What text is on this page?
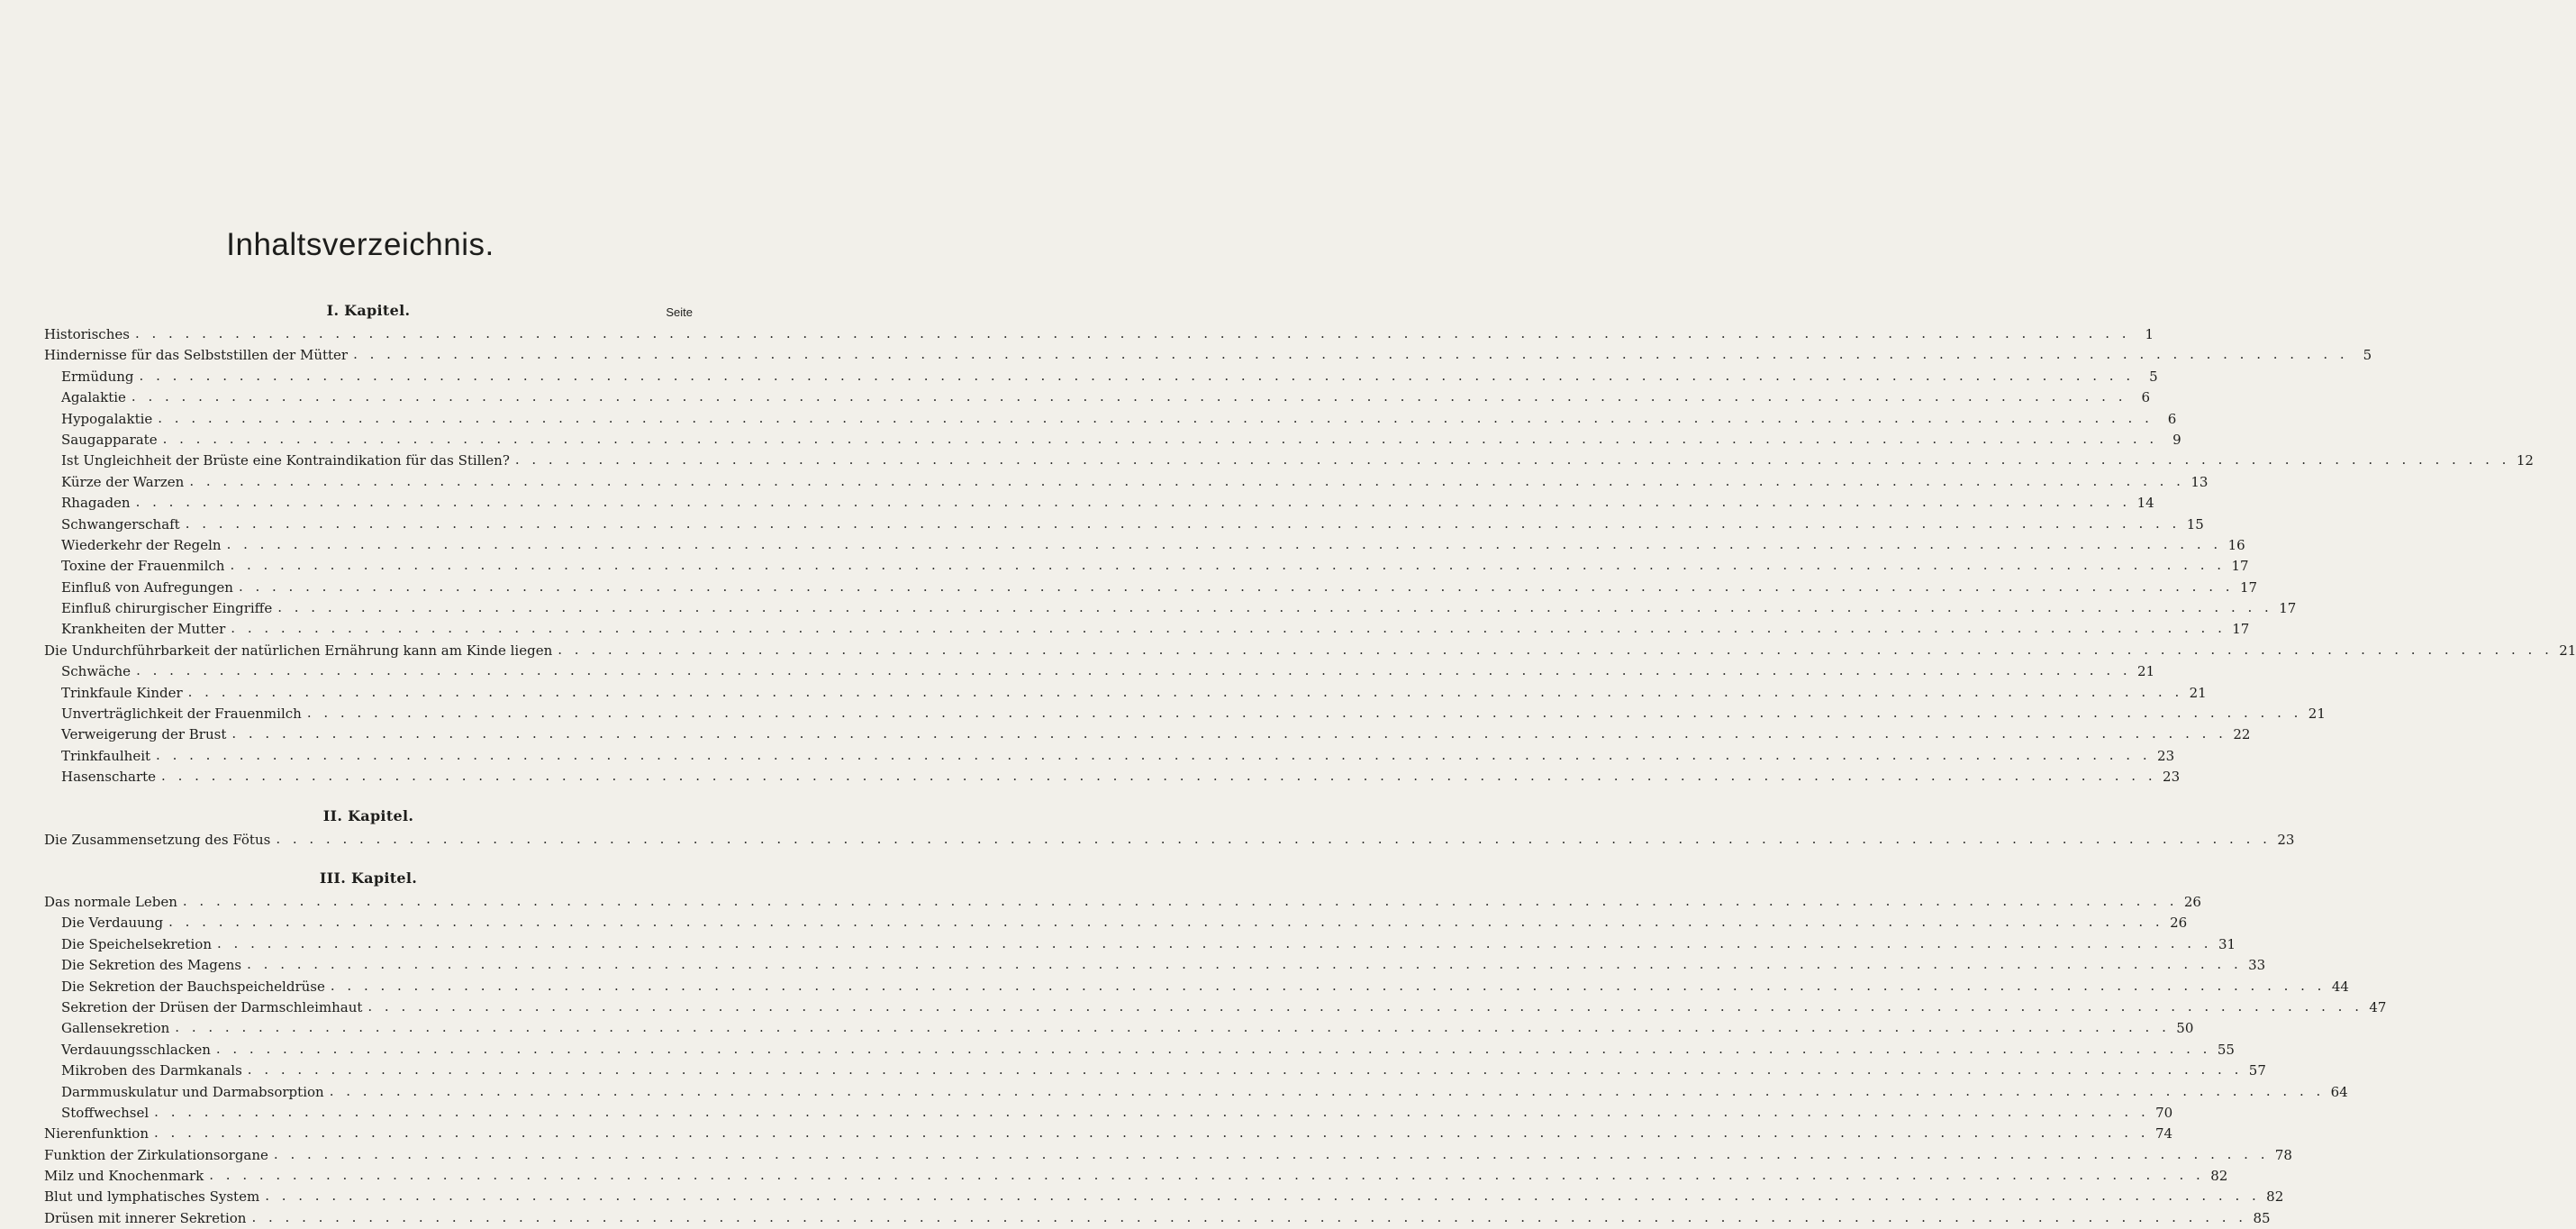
Inhaltsverzeichnis.
I. Kapitel.	Seite
Historisches . . . . . . . . . . . . . . . . . . . . . . . . . . . . . . . . . . . . . . . . . . . . . . . . . . . . . . . . . . . . . . . . . . . . . . . . . . . . . . . . . . . . . . . . . . . . . . . . . . . . . . . . . . . . . . . . . . . . . . . .	1
Hindernisse für das Selbststillen der Mütter . . . . . . . . . . . . . . . . . . . . . . . . . . . . . . . . . . . . . . . . . . . . . . . . . . . . . . . . . . . . . . . . . . . . . . . . . . . . . . . . . . . . . . . . . . . . . . . . . . . . . . . . . . . . . . . . . . . . . . . .	5
Ermüdung . . . . . . . . . . . . . . . . . . . . . . . . . . . . . . . . . . . . . . . . . . . . . . . . . . . . . . . . . . . . . . . . . . . . . . . . . . . . . . . . . . . . . . . . . . . . . . . . . . . . . . . . . . . . . . . . . . . . . . . .	5
Agalaktie . . . . . . . . . . . . . . . . . . . . . . . . . . . . . . . . . . . . . . . . . . . . . . . . . . . . . . . . . . . . . . . . . . . . . . . . . . . . . . . . . . . . . . . . . . . . . . . . . . . . . . . . . . . . . . . . . . . . . . . .	6
Hypogalaktie . . . . . . . . . . . . . . . . . . . . . . . . . . . . . . . . . . . . . . . . . . . . . . . . . . . . . . . . . . . . . . . . . . . . . . . . . . . . . . . . . . . . . . . . . . . . . . . . . . . . . . . . . . . . . . . . . . . . . . . .	6
Saugapparate . . . . . . . . . . . . . . . . . . . . . . . . . . . . . . . . . . . . . . . . . . . . . . . . . . . . . . . . . . . . . . . . . . . . . . . . . . . . . . . . . . . . . . . . . . . . . . . . . . . . . . . . . . . . . . . . . . . . . . . .	9
Ist Ungleichheit der Brüste eine Kontraindikation für das Stillen? . . . . . . . . . . . . . . . . . . . . . . . . . . . . . . . . . . . . . . . . . . . . . . . . . . . . . . . . . . . . . . . . . . . . . . . . . . . . . . . . . . . . . . . . . . . . . . . . . . . . . . . . . . . . . . . . . . . . . . . . 12
Kürze der Warzen . . . . . . . . . . . . . . . . . . . . . . . . . . . . . . . . . . . . . . . . . . . . . . . . . . . . . . . . . . . . . . . . . . . . . . . . . . . . . . . . . . . . . . . . . . . . . . . . . . . . . . . . . . . . . . . . . . . . . . . . 13
Rhagaden . . . . . . . . . . . . . . . . . . . . . . . . . . . . . . . . . . . . . . . . . . . . . . . . . . . . . . . . . . . . . . . . . . . . . . . . . . . . . . . . . . . . . . . . . . . . . . . . . . . . . . . . . . . . . . . . . . . . . . . . 14
Schwangerschaft . . . . . . . . . . . . . . . . . . . . . . . . . . . . . . . . . . . . . . . . . . . . . . . . . . . . . . . . . . . . . . . . . . . . . . . . . . . . . . . . . . . . . . . . . . . . . . . . . . . . . . . . . . . . . . . . . . . . . . . . 15
Wiederkehr der Regeln . . . . . . . . . . . . . . . . . . . . . . . . . . . . . . . . . . . . . . . . . . . . . . . . . . . . . . . . . . . . . . . . . . . . . . . . . . . . . . . . . . . . . . . . . . . . . . . . . . . . . . . . . . . . . . . . . . . . . . . . 16
Toxine der Frauenmilch . . . . . . . . . . . . . . . . . . . . . . . . . . . . . . . . . . . . . . . . . . . . . . . . . . . . . . . . . . . . . . . . . . . . . . . . . . . . . . . . . . . . . . . . . . . . . . . . . . . . . . . . . . . . . . . . . . . . . . . . 17
Einfluß von Aufregungen . . . . . . . . . . . . . . . . . . . . . . . . . . . . . . . . . . . . . . . . . . . . . . . . . . . . . . . . . . . . . . . . . . . . . . . . . . . . . . . . . . . . . . . . . . . . . . . . . . . . . . . . . . . . . . . . . . . . . . . . 17
Einfluß chirurgischer Eingriffe . . . . . . . . . . . . . . . . . . . . . . . . . . . . . . . . . . . . . . . . . . . . . . . . . . . . . . . . . . . . . . . . . . . . . . . . . . . . . . . . . . . . . . . . . . . . . . . . . . . . . . . . . . . . . . . . . . . . . . . . 17
Krankheiten der Mutter . . . . . . . . . . . . . . . . . . . . . . . . . . . . . . . . . . . . . . . . . . . . . . . . . . . . . . . . . . . . . . . . . . . . . . . . . . . . . . . . . . . . . . . . . . . . . . . . . . . . . . . . . . . . . . . . . . . . . . . . 17
Die Undurchführbarkeit der natürlichen Ernährung kann am Kinde liegen . . . . . . . . . . . . . . . . . . . . . . . . . . . . . . . . . . . . . . . . . . . . . . . . . . . . . . . . . . . . . . . . . . . . . . . . . . . . . . . . . . . . . . . . . . . . . . . . . . . . . . . . . . . . . . . . . . . . . . . . 21
Schwäche . . . . . . . . . . . . . . . . . . . . . . . . . . . . . . . . . . . . . . . . . . . . . . . . . . . . . . . . . . . . . . . . . . . . . . . . . . . . . . . . . . . . . . . . . . . . . . . . . . . . . . . . . . . . . . . . . . . . . . . . 21
Trinkfaule Kinder . . . . . . . . . . . . . . . . . . . . . . . . . . . . . . . . . . . . . . . . . . . . . . . . . . . . . . . . . . . . . . . . . . . . . . . . . . . . . . . . . . . . . . . . . . . . . . . . . . . . . . . . . . . . . . . . . . . . . . . . 21
Unverträglichkeit der Frauenmilch . . . . . . . . . . . . . . . . . . . . . . . . . . . . . . . . . . . . . . . . . . . . . . . . . . . . . . . . . . . . . . . . . . . . . . . . . . . . . . . . . . . . . . . . . . . . . . . . . . . . . . . . . . . . . . . . . . . . . . . . 21
Verweigerung der Brust . . . . . . . . . . . . . . . . . . . . . . . . . . . . . . . . . . . . . . . . . . . . . . . . . . . . . . . . . . . . . . . . . . . . . . . . . . . . . . . . . . . . . . . . . . . . . . . . . . . . . . . . . . . . . . . . . . . . . . . . 22
Trinkfaulheit . . . . . . . . . . . . . . . . . . . . . . . . . . . . . . . . . . . . . . . . . . . . . . . . . . . . . . . . . . . . . . . . . . . . . . . . . . . . . . . . . . . . . . . . . . . . . . . . . . . . . . . . . . . . . . . . . . . . . . . . 23
Hasenscharte . . . . . . . . . . . . . . . . . . . . . . . . . . . . . . . . . . . . . . . . . . . . . . . . . . . . . . . . . . . . . . . . . . . . . . . . . . . . . . . . . . . . . . . . . . . . . . . . . . . . . . . . . . . . . . . . . . . . . . . . 23
II. Kapitel.
Die Zusammensetzung des Fötus . . . . . . . . . . . . . . . . . . . . . . . . . . . . . . . . . . . . . . . . . . . . . . . . . . . . . . . . . . . . . . . . . . . . . . . . . . . . . . . . . . . . . . . . . . . . . . . . . . . . . . . . . . . . . . . . . . . . . . . . 23
III. Kapitel.
Das normale Leben . . . . . . . . . . . . . . . . . . . . . . . . . . . . . . . . . . . . . . . . . . . . . . . . . . . . . . . . . . . . . . . . . . . . . . . . . . . . . . . . . . . . . . . . . . . . . . . . . . . . . . . . . . . . . . . . . . . . . . . . 26
Die Verdauung . . . . . . . . . . . . . . . . . . . . . . . . . . . . . . . . . . . . . . . . . . . . . . . . . . . . . . . . . . . . . . . . . . . . . . . . . . . . . . . . . . . . . . . . . . . . . . . . . . . . . . . . . . . . . . . . . . . . . . . . 26
Die Speichelsekretion . . . . . . . . . . . . . . . . . . . . . . . . . . . . . . . . . . . . . . . . . . . . . . . . . . . . . . . . . . . . . . . . . . . . . . . . . . . . . . . . . . . . . . . . . . . . . . . . . . . . . . . . . . . . . . . . . . . . . . . . 31
Die Sekretion des Magens . . . . . . . . . . . . . . . . . . . . . . . . . . . . . . . . . . . . . . . . . . . . . . . . . . . . . . . . . . . . . . . . . . . . . . . . . . . . . . . . . . . . . . . . . . . . . . . . . . . . . . . . . . . . . . . . . . . . . . . . 33
Die Sekretion der Bauchspeicheldrüse . . . . . . . . . . . . . . . . . . . . . . . . . . . . . . . . . . . . . . . . . . . . . . . . . . . . . . . . . . . . . . . . . . . . . . . . . . . . . . . . . . . . . . . . . . . . . . . . . . . . . . . . . . . . . . . . . . . . . . . . 44
Sekretion der Drüsen der Darmschleimhaut . . . . . . . . . . . . . . . . . . . . . . . . . . . . . . . . . . . . . . . . . . . . . . . . . . . . . . . . . . . . . . . . . . . . . . . . . . . . . . . . . . . . . . . . . . . . . . . . . . . . . . . . . . . . . . . . . . . . . . . . 47
Gallensekretion . . . . . . . . . . . . . . . . . . . . . . . . . . . . . . . . . . . . . . . . . . . . . . . . . . . . . . . . . . . . . . . . . . . . . . . . . . . . . . . . . . . . . . . . . . . . . . . . . . . . . . . . . . . . . . . . . . . . . . . . 50
Verdauungsschlacken . . . . . . . . . . . . . . . . . . . . . . . . . . . . . . . . . . . . . . . . . . . . . . . . . . . . . . . . . . . . . . . . . . . . . . . . . . . . . . . . . . . . . . . . . . . . . . . . . . . . . . . . . . . . . . . . . . . . . . . . 55
Mikroben des Darmkanals . . . . . . . . . . . . . . . . . . . . . . . . . . . . . . . . . . . . . . . . . . . . . . . . . . . . . . . . . . . . . . . . . . . . . . . . . . . . . . . . . . . . . . . . . . . . . . . . . . . . . . . . . . . . . . . . . . . . . . . . 57
Darmmuskulatur und Darmabsorption . . . . . . . . . . . . . . . . . . . . . . . . . . . . . . . . . . . . . . . . . . . . . . . . . . . . . . . . . . . . . . . . . . . . . . . . . . . . . . . . . . . . . . . . . . . . . . . . . . . . . . . . . . . . . . . . . . . . . . . . 64
Stoffwechsel . . . . . . . . . . . . . . . . . . . . . . . . . . . . . . . . . . . . . . . . . . . . . . . . . . . . . . . . . . . . . . . . . . . . . . . . . . . . . . . . . . . . . . . . . . . . . . . . . . . . . . . . . . . . . . . . . . . . . . . . 70
Nierenfunktion . . . . . . . . . . . . . . . . . . . . . . . . . . . . . . . . . . . . . . . . . . . . . . . . . . . . . . . . . . . . . . . . . . . . . . . . . . . . . . . . . . . . . . . . . . . . . . . . . . . . . . . . . . . . . . . . . . . . . . . . 74
Funktion der Zirkulationsorgane . . . . . . . . . . . . . . . . . . . . . . . . . . . . . . . . . . . . . . . . . . . . . . . . . . . . . . . . . . . . . . . . . . . . . . . . . . . . . . . . . . . . . . . . . . . . . . . . . . . . . . . . . . . . . . . . . . . . . . . . 78
Milz und Knochenmark . . . . . . . . . . . . . . . . . . . . . . . . . . . . . . . . . . . . . . . . . . . . . . . . . . . . . . . . . . . . . . . . . . . . . . . . . . . . . . . . . . . . . . . . . . . . . . . . . . . . . . . . . . . . . . . . . . . . . . . . 82
Blut und lymphatisches System . . . . . . . . . . . . . . . . . . . . . . . . . . . . . . . . . . . . . . . . . . . . . . . . . . . . . . . . . . . . . . . . . . . . . . . . . . . . . . . . . . . . . . . . . . . . . . . . . . . . . . . . . . . . . . . . . . . . . . . . 82
Drüsen mit innerer Sekretion . . . . . . . . . . . . . . . . . . . . . . . . . . . . . . . . . . . . . . . . . . . . . . . . . . . . . . . . . . . . . . . . . . . . . . . . . . . . . . . . . . . . . . . . . . . . . . . . . . . . . . . . . . . . . . . . . . . . . . . . 85
